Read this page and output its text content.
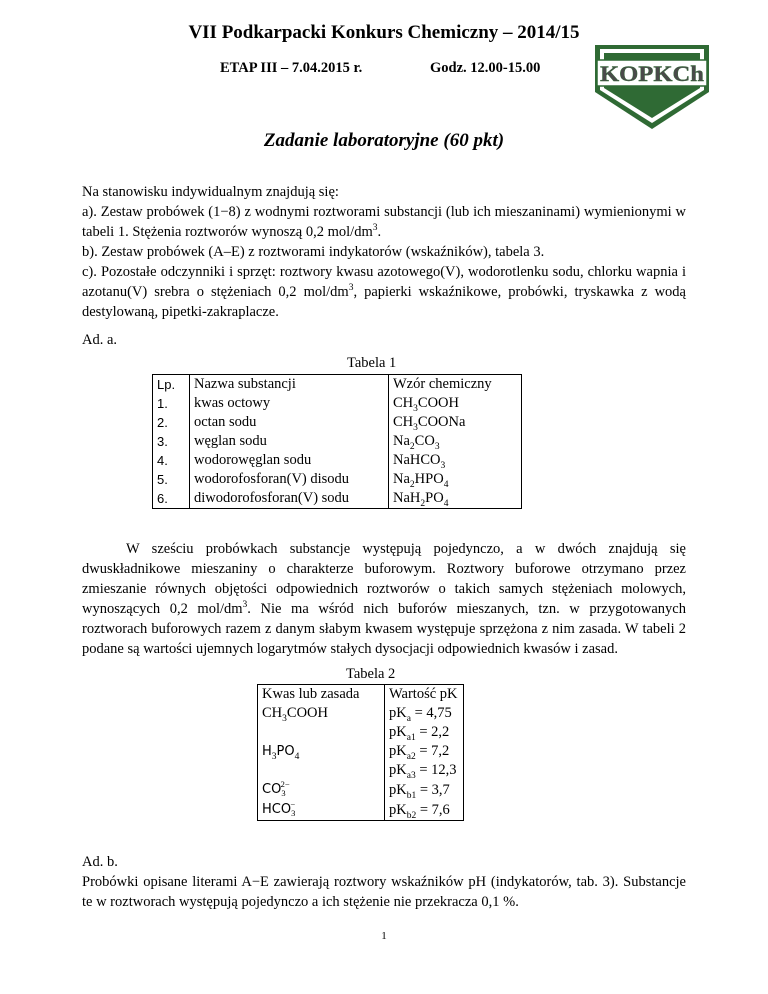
VII Podkarpacki Konkurs Chemiczny – 2014/15
ETAP III – 7.04.2015 r.	Godz. 12.00-15.00	KOPKCh
Zadanie laboratoryjne (60 pkt)
Na stanowisku indywidualnym znajdują się:
a). Zestaw probówek (1−8) z wodnymi roztworami substancji (lub ich mieszaninami) wymienionymi w tabeli 1. Stężenia roztworów wynoszą 0,2 mol/$dm^3$.
b). Zestaw probówek (A–E) z roztworami indykatorów (wskaźników), tabela 3.
c). Pozostałe odczynniki i sprzęt: roztwory kwasu azotowego(V), wodorotlenku sodu, chlorku wapnia i azotanu(V) srebra o stężeniach 0,2 mol/$dm^3$, papierki wskaźnikowe, probówki, tryskawka z wodą destylowaną, pipetki-zakraplacze.
Ad. a.
Tabela 1
Lp.	Nazwa substancji	Wzór chemiczny
1.	kwas octowy	$CH_3COOH$
2.	octan sodu	$CH_3COONa$
3.	węglan sodu	$Na_2CO_3$
4.	wodorowęglan sodu	NaHCO$_3$
5.	wodorofosforan(V) disodu	$Na_2HPO_4$
6.	diwodorofosforan(V) sodu	$NaH_2PO_4$
W sześciu probówkach substancje występują pojedynczo, a w dwóch znajdują się dwuskładnikowe mieszaniny o charakterze buforowym. Roztwory buforowe otrzymano przez zmieszanie równych objętości odpowiednich roztworów o takich samych stężeniach molowych, wynoszących 0,2 mol/$dm^3$. Nie ma wśród nich buforów mieszanych, tzn. w przygotowanych roztworach buforowych razem z danym słabym kwasem występuje sprzężona z nim zasada. W tabeli 2 podane są wartości ujemnych logarytmów stałych dysocjacji odpowiednich kwasów i zasad.
Tabela 2
Kwas lub zasada	Wartość pK
$CH_3COOH$	$pK_a = 4,75$
	$pK_{a1} = 2,2$
$H_3PO_4$	$pK_{a2} = 7,2$
	$pK_{a3} = 12,3$
$CO_3^{2-}$	$pK_{b1} = 3,7$
$HCO_3^-$	$pK_{b2} = 7,6$
Ad. b.
Probówki opisane literami A−E zawierają roztwory wskaźników pH (indykatorów, tab. 3). Substancje te w roztworach występują pojedynczo a ich stężenie nie przekracza 0,1 %.
1
